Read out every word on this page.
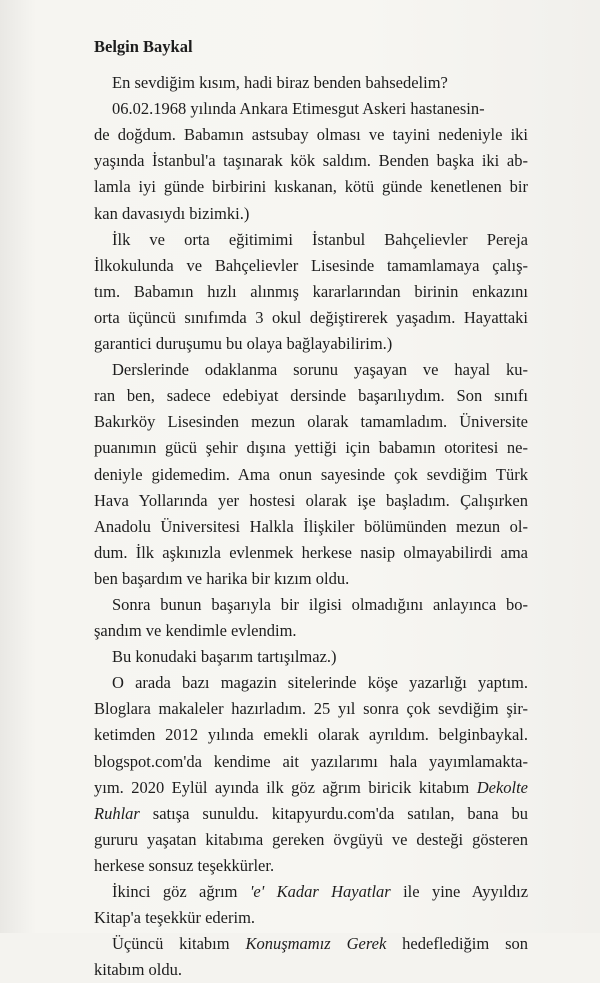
Belgin Baykal
En sevdiğim kısım, hadi biraz benden bahsedelim?
06.02.1968 yılında Ankara Etimesgut Askeri hastanesin-
de doğdum. Babamın astsubay olması ve tayini nedeniyle iki
yaşında İstanbul'a taşınarak kök saldım. Benden başka iki ab-
lamla iyi günde birbirini kıskanan, kötü günde kenetlenen bir
kan davasıydı bizimki.)
İlk ve orta eğitimimi İstanbul Bahçelievler Pereja
İlkokulunda ve Bahçelievler Lisesinde tamamlamaya çalış-
tım. Babamın hızlı alınmış kararlarından birinin enkazını
orta üçüncü sınıfımda 3 okul değiştirerek yaşadım. Hayattaki
garantici duruşumu bu olaya bağlayabilirim.)
Derslerinde odaklanma sorunu yaşayan ve hayal ku-
ran ben, sadece edebiyat dersinde başarılıydım. Son sınıfı
Bakırköy Lisesinden mezun olarak tamamladım. Üniversite
puanımın gücü şehir dışına yettiği için babamın otoritesi ne-
deniyle gidemedim. Ama onun sayesinde çok sevdiğim Türk
Hava Yollarında yer hostesi olarak işe başladım. Çalışırken
Anadolu Üniversitesi Halkla İlişkiler bölümünden mezun ol-
dum. İlk aşkınızla evlenmek herkese nasip olmayabilirdi ama
ben başardım ve harika bir kızım oldu.
Sonra bunun başarıyla bir ilgisi olmadığını anlayınca bo-
şandım ve kendimle evlendim.
Bu konudaki başarım tartışılmaz.)
O arada bazı magazin sitelerinde köşe yazarlığı yaptım.
Bloglara makaleler hazırladım. 25 yıl sonra çok sevdiğim şir-
ketimden 2012 yılında emekli olarak ayrıldım. belginbaykal.
blogspot.com'da kendime ait yazılarımı hala yayımlamakta-
yım. 2020 Eylül ayında ilk göz ağrım biricik kitabım Dekolte
Ruhlar satışa sunuldu. kitapyurdu.com'da satılan, bana bu
gururu yaşatan kitabıma gereken övgüyü ve desteği gösteren
herkese sonsuz teşekkürler.
İkinci göz ağrım 'e' Kadar Hayatlar ile yine Ayyıldız
Kitap'a teşekkür ederim.
Üçüncü kitabım Konuşmamız Gerek hedeflediğim son
kitabım oldu.
